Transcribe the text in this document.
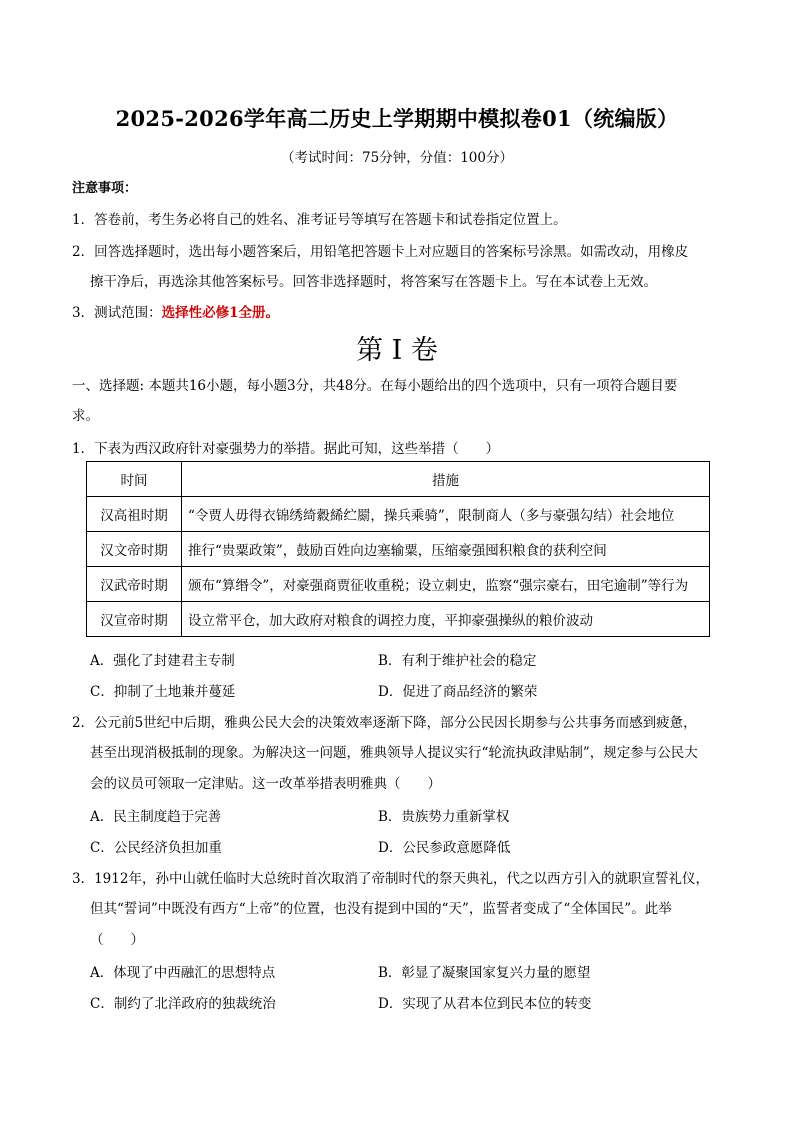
2025-2026学年高二历史上学期期中模拟卷01（统编版）
（考试时间：75分钟，分值：100分）
注意事项：
1．答卷前，考生务必将自己的姓名、准考证号等填写在答题卡和试卷指定位置上。
2．回答选择题时，选出每小题答案后，用铅笔把答题卡上对应题目的答案标号涂黑。如需改动，用橡皮
擦干净后，再选涂其他答案标号。回答非选择题时，将答案写在答题卡上。写在本试卷上无效。
3．测试范围：选择性必修1全册。
第 I 卷
一、选择题: 本题共16小题，每小题3分，共48分。在每小题给出的四个选项中，只有一项符合题目要
求。
1．下表为西汉政府针对豪强势力的举措。据此可知，这些举措（　　）
时间	措施
汉高祖时期	“令贾人毋得衣锦绣绮縠絺纻罽，操兵乘骑”，限制商人（多与豪强勾结）社会地位
汉文帝时期	推行“贵粟政策”，鼓励百姓向边塞输粟，压缩豪强囤积粮食的获利空间
汉武帝时期	颁布“算缗令”，对豪强商贾征收重税；设立刺史，监察“强宗豪右，田宅逾制”等行为
汉宣帝时期	设立常平仓，加大政府对粮食的调控力度，平抑豪强操纵的粮价波动
A．强化了封建君主专制	B．有利于维护社会的稳定
C．抑制了土地兼并蔓延	D．促进了商品经济的繁荣
2．公元前5世纪中后期，雅典公民大会的决策效率逐渐下降，部分公民因长期参与公共事务而感到疲惫，
甚至出现消极抵制的现象。为解决这一问题，雅典领导人提议实行“轮流执政津贴制”，规定参与公民大
会的议员可领取一定津贴。这一改革举措表明雅典（　　）
A．民主制度趋于完善	B．贵族势力重新掌权
C．公民经济负担加重	D．公民参政意愿降低
3．1912年，孙中山就任临时大总统时首次取消了帝制时代的祭天典礼，代之以西方引入的就职宣誓礼仪，
但其“誓词”中既没有西方“上帝”的位置，也没有提到中国的“天”，监誓者变成了“全体国民”。此举
（　　）
A．体现了中西融汇的思想特点	B．彰显了凝聚国家复兴力量的愿望
C．制约了北洋政府的独裁统治	D．实现了从君本位到民本位的转变
